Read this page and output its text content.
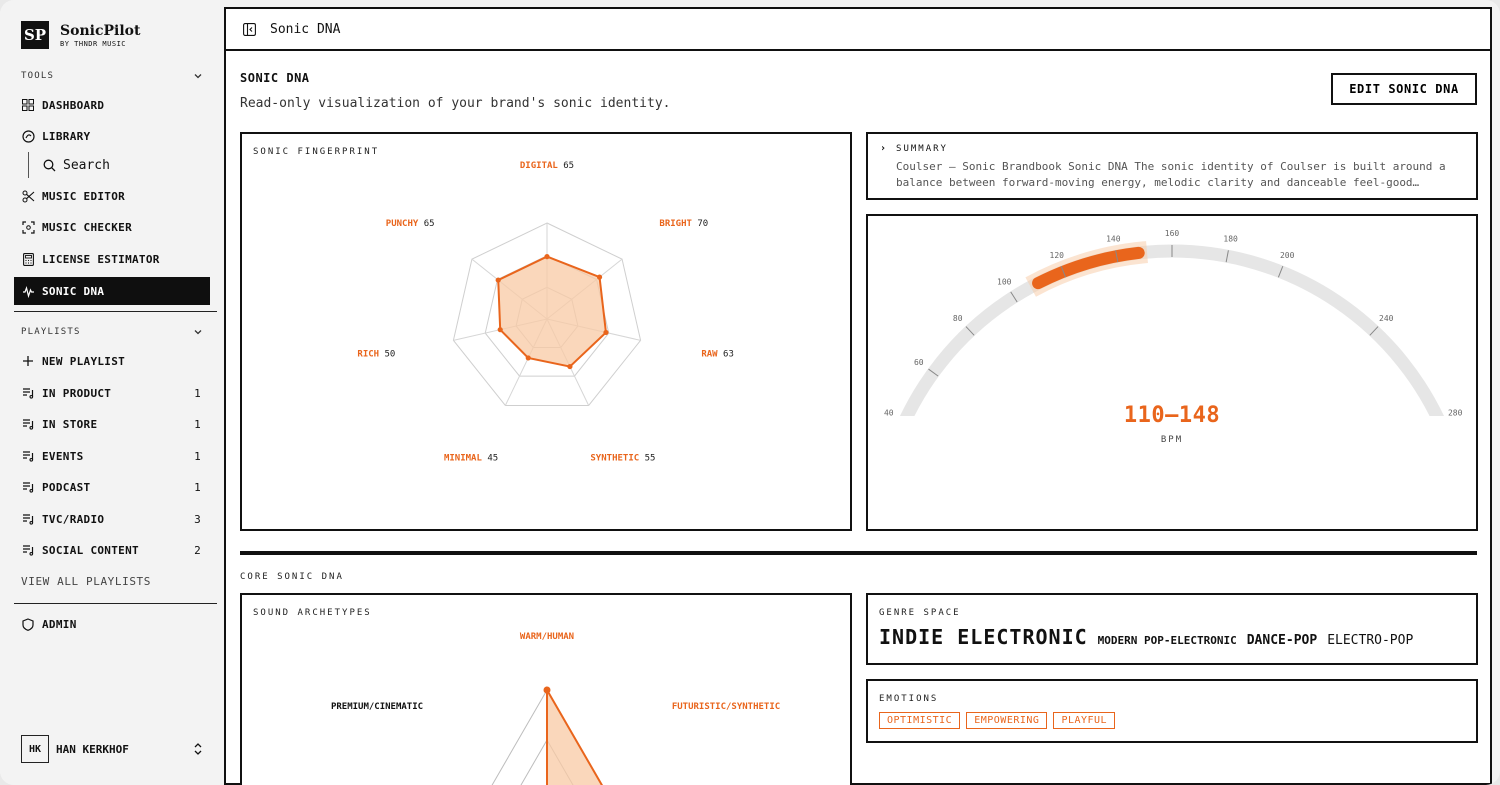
SP SonicPilot
BY THNDR MUSIC
TOOLS
DASHBOARD
LIBRARY
Search
MUSIC EDITOR
MUSIC CHECKER
LICENSE ESTIMATOR
SONIC DNA
PLAYLISTS
NEW PLAYLIST
IN PRODUCT	1
IN STORE	1
EVENTS	1
PODCAST	1
TVC/RADIO	3
SOCIAL CONTENT	2
VIEW ALL PLAYLISTS
ADMIN
HK	HAN KERKHOF
Sonic DNA
SONIC DNA
Read-only visualization of your brand's sonic identity.
EDIT SONIC DNA
SONIC FINGERPRINT
DIGITAL 65
BRIGHT 70
RAW 63
SYNTHETIC 55
MINIMAL 45
RICH 50
PUNCHY 65
› SUMMARY
Coulser — Sonic Brandbook Sonic DNA The sonic identity of Coulser is built around a balance between forward-moving energy, melodic clarity and danceable feel-good…
40
60
80
100
120
140
160
180
200
240
280
110–148
BPM
CORE SONIC DNA
SOUND ARCHETYPES
WARM/HUMAN
FUTURISTIC/SYNTHETIC
PREMIUM/CINEMATIC
GENRE SPACE
INDIE ELECTRONIC MODERN POP-ELECTRONIC DANCE-POP ELECTRO-POP
EMOTIONS
OPTIMISTIC	EMPOWERING	PLAYFUL
